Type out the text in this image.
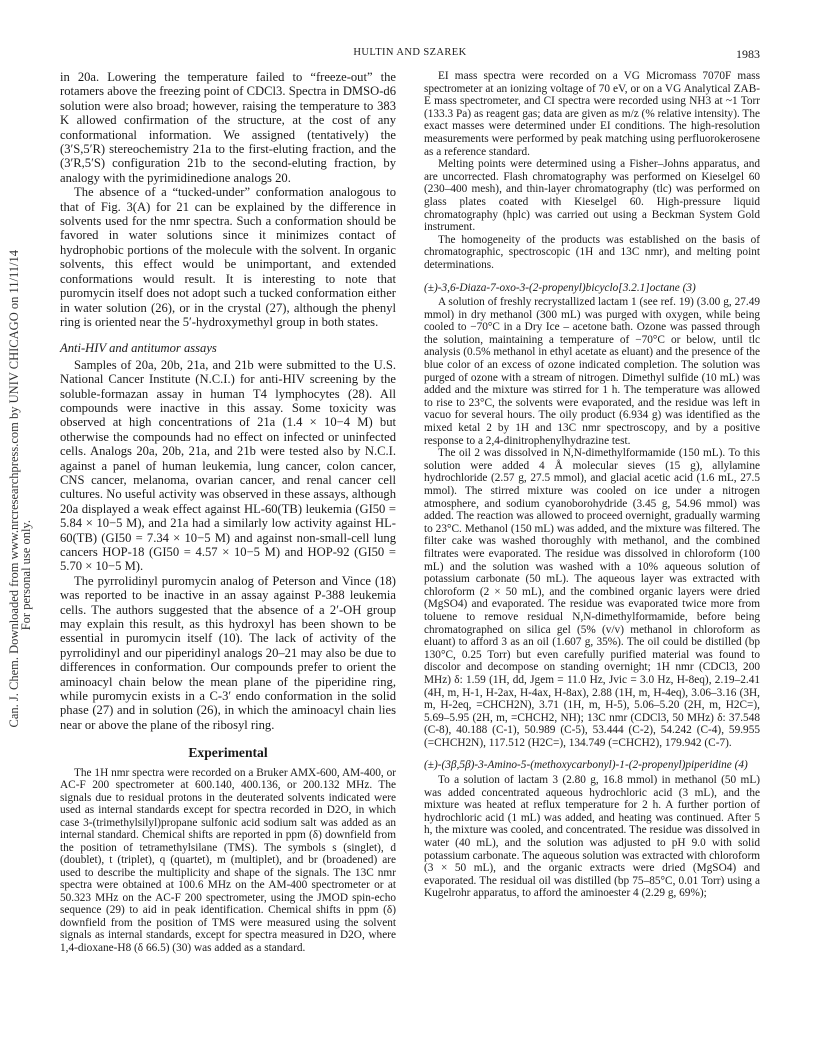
Can. J. Chem. Downloaded from www.nrcresearchpress.com by UNIV CHICAGO on 11/11/14
For personal use only.
HULTIN AND SZAREK	1983

in 20a. Lowering the temperature failed to “freeze-out” the rotamers above the freezing point of CDCl3. Spectra in DMSO-d6 solution were also broad; however, raising the temperature to 383 K allowed confirmation of the structure, at the cost of any conformational information. We assigned (tentatively) the (3′S,5′R) stereochemistry 21a to the first-eluting fraction, and the (3′R,5′S) configuration 21b to the second-eluting fraction, by analogy with the pyrimidinedione analogs 20.

The absence of a “tucked-under” conformation analogous to that of Fig. 3(A) for 21 can be explained by the difference in solvents used for the nmr spectra. Such a conformation should be favored in water solutions since it minimizes contact of hydrophobic portions of the molecule with the solvent. In organic solvents, this effect would be unimportant, and extended conformations would result. It is interesting to note that puromycin itself does not adopt such a tucked conformation either in water solution (26), or in the crystal (27), although the phenyl ring is oriented near the 5′-hydroxymethyl group in both states.

Anti-HIV and antitumor assays

Samples of 20a, 20b, 21a, and 21b were submitted to the U.S. National Cancer Institute (N.C.I.) for anti-HIV screening by the soluble-formazan assay in human T4 lymphocytes (28). All compounds were inactive in this assay. Some toxicity was observed at high concentrations of 21a (1.4 × 10−4 M) but otherwise the compounds had no effect on infected or uninfected cells. Analogs 20a, 20b, 21a, and 21b were tested also by N.C.I. against a panel of human leukemia, lung cancer, colon cancer, CNS cancer, melanoma, ovarian cancer, and renal cancer cell cultures. No useful activity was observed in these assays, although 20a displayed a weak effect against HL-60(TB) leukemia (GI50 = 5.84 × 10−5 M), and 21a had a similarly low activity against HL-60(TB) (GI50 = 7.34 × 10−5 M) and against non-small-cell lung cancers HOP-18 (GI50 = 4.57 × 10−5 M) and HOP-92 (GI50 = 5.70 × 10−5 M).

The pyrrolidinyl puromycin analog of Peterson and Vince (18) was reported to be inactive in an assay against P-388 leukemia cells. The authors suggested that the absence of a 2′-OH group may explain this result, as this hydroxyl has been shown to be essential in puromycin itself (10). The lack of activity of the pyrrolidinyl and our piperidinyl analogs 20–21 may also be due to differences in conformation. Our compounds prefer to orient the aminoacyl chain below the mean plane of the piperidine ring, while puromycin exists in a C-3′ endo conformation in the solid phase (27) and in solution (26), in which the aminoacyl chain lies near or above the plane of the ribosyl ring.

Experimental

The 1H nmr spectra were recorded on a Bruker AMX-600, AM-400, or AC-F 200 spectrometer at 600.140, 400.136, or 200.132 MHz. The signals due to residual protons in the deuterated solvents indicated were used as internal standards except for spectra recorded in D2O, in which case 3-(trimethylsilyl)propane sulfonic acid sodium salt was added as an internal standard. Chemical shifts are reported in ppm (δ) downfield from the position of tetramethylsilane (TMS). The symbols s (singlet), d (doublet), t (triplet), q (quartet), m (multiplet), and br (broadened) are used to describe the multiplicity and shape of the signals. The 13C nmr spectra were obtained at 100.6 MHz on the AM-400 spectrometer or at 50.323 MHz on the AC-F 200 spectrometer, using the JMOD spin-echo sequence (29) to aid in peak identification. Chemical shifts in ppm (δ) downfield from the position of TMS were measured using the solvent signals as internal standards, except for spectra measured in D2O, where 1,4-dioxane-H8 (δ 66.5) (30) was added as a standard.

EI mass spectra were recorded on a VG Micromass 7070F mass spectrometer at an ionizing voltage of 70 eV, or on a VG Analytical ZAB-E mass spectrometer, and CI spectra were recorded using NH3 at ~1 Torr (133.3 Pa) as reagent gas; data are given as m/z (% relative intensity). The exact masses were determined under EI conditions. The high-resolution measurements were performed by peak matching using perfluorokerosene as a reference standard.

Melting points were determined using a Fisher–Johns apparatus, and are uncorrected. Flash chromatography was performed on Kieselgel 60 (230–400 mesh), and thin-layer chromatography (tlc) was performed on glass plates coated with Kieselgel 60. High-pressure liquid chromatography (hplc) was carried out using a Beckman System Gold instrument.

The homogeneity of the products was established on the basis of chromatographic, spectroscopic (1H and 13C nmr), and melting point determinations.

(±)-3,6-Diaza-7-oxo-3-(2-propenyl)bicyclo[3.2.1]octane (3)

A solution of freshly recrystallized lactam 1 (see ref. 19) (3.00 g, 27.49 mmol) in dry methanol (300 mL) was purged with oxygen, while being cooled to −70°C in a Dry Ice – acetone bath. Ozone was passed through the solution, maintaining a temperature of −70°C or below, until tlc analysis (0.5% methanol in ethyl acetate as eluant) and the presence of the blue color of an excess of ozone indicated completion. The solution was purged of ozone with a stream of nitrogen. Dimethyl sulfide (10 mL) was added and the mixture was stirred for 1 h. The temperature was allowed to rise to 23°C, the solvents were evaporated, and the residue was left in vacuo for several hours. The oily product (6.934 g) was identified as the mixed ketal 2 by 1H and 13C nmr spectroscopy, and by a positive response to a 2,4-dinitrophenylhydrazine test.

The oil 2 was dissolved in N,N-dimethylformamide (150 mL). To this solution were added 4 Å molecular sieves (15 g), allylamine hydrochloride (2.57 g, 27.5 mmol), and glacial acetic acid (1.6 mL, 27.5 mmol). The stirred mixture was cooled on ice under a nitrogen atmosphere, and sodium cyanoborohydride (3.45 g, 54.96 mmol) was added. The reaction was allowed to proceed overnight, gradually warming to 23°C. Methanol (150 mL) was added, and the mixture was filtered. The filter cake was washed thoroughly with methanol, and the combined filtrates were evaporated. The residue was dissolved in chloroform (100 mL) and the solution was washed with a 10% aqueous solution of potassium carbonate (50 mL). The aqueous layer was extracted with chloroform (2 × 50 mL), and the combined organic layers were dried (MgSO4) and evaporated. The residue was evaporated twice more from toluene to remove residual N,N-dimethylformamide, before being chromatographed on silica gel (5% (v/v) methanol in chloroform as eluant) to afford 3 as an oil (1.607 g, 35%). The oil could be distilled (bp 130°C, 0.25 Torr) but even carefully purified material was found to discolor and decompose on standing overnight; 1H nmr (CDCl3, 200 MHz) δ: 1.59 (1H, dd, Jgem = 11.0 Hz, Jvic = 3.0 Hz, H-8eq), 2.19–2.41 (4H, m, H-1, H-2ax, H-4ax, H-8ax), 2.88 (1H, m, H-4eq), 3.06–3.16 (3H, m, H-2eq, =CHCH2N), 3.71 (1H, m, H-5), 5.06–5.20 (2H, m, H2C=), 5.69–5.95 (2H, m, =CHCH2, NH); 13C nmr (CDCl3, 50 MHz) δ: 37.548 (C-8), 40.188 (C-1), 50.989 (C-5), 53.444 (C-2), 54.242 (C-4), 59.955 (=CHCH2N), 117.512 (H2C=), 134.749 (=CHCH2), 179.942 (C-7).

(±)-(3β,5β)-3-Amino-5-(methoxycarbonyl)-1-(2-propenyl)piperidine (4)

To a solution of lactam 3 (2.80 g, 16.8 mmol) in methanol (50 mL) was added concentrated aqueous hydrochloric acid (3 mL), and the mixture was heated at reflux temperature for 2 h. A further portion of hydrochloric acid (1 mL) was added, and heating was continued. After 5 h, the mixture was cooled, and concentrated. The residue was dissolved in water (40 mL), and the solution was adjusted to pH 9.0 with solid potassium carbonate. The aqueous solution was extracted with chloroform (3 × 50 mL), and the organic extracts were dried (MgSO4) and evaporated. The residual oil was distilled (bp 75–85°C, 0.01 Torr) using a Kugelrohr apparatus, to afford the aminoester 4 (2.29 g, 69%);
